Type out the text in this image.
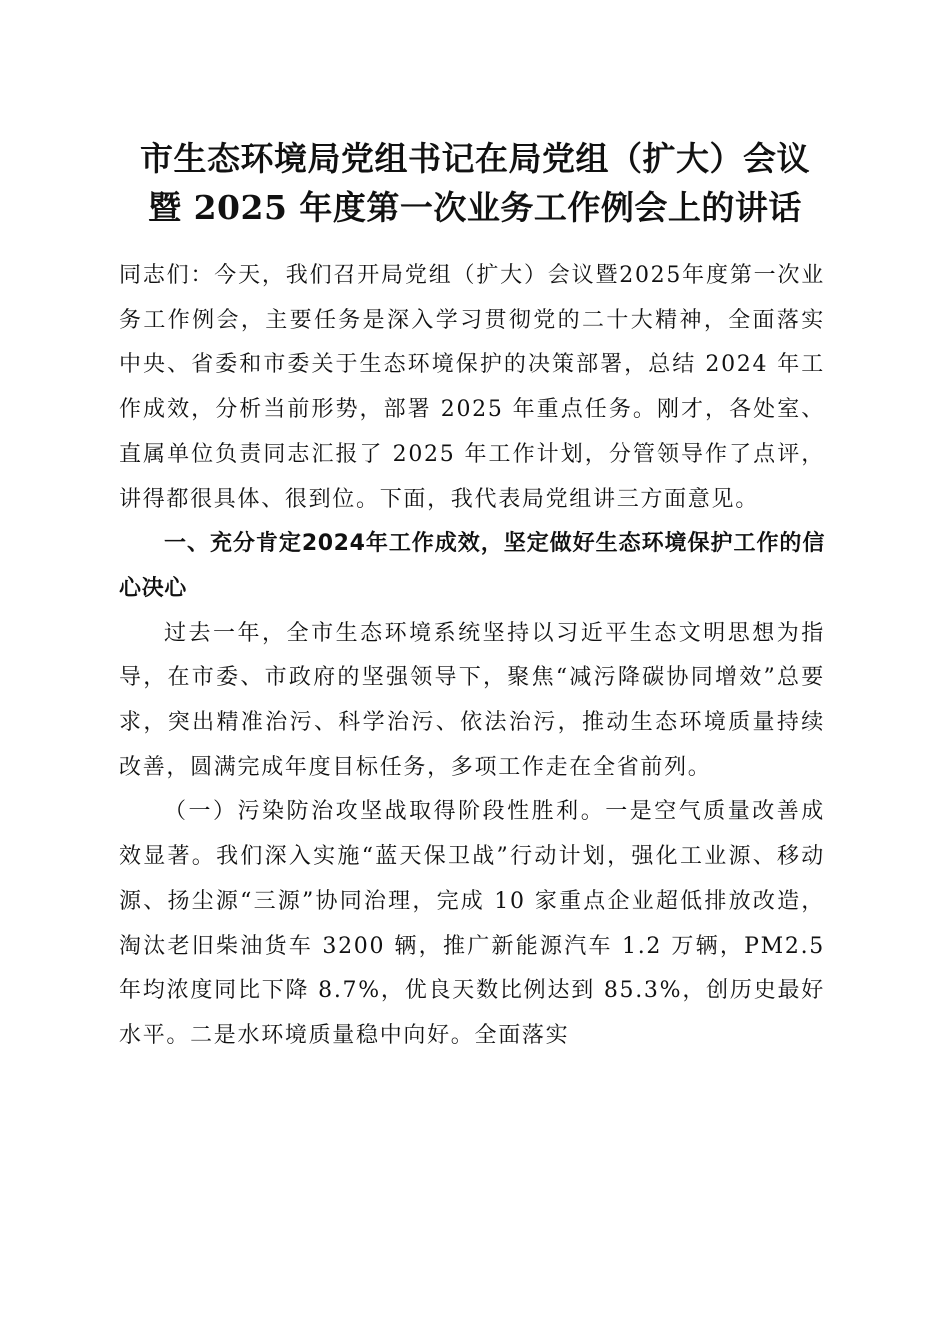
市生态环境局党组书记在局党组（扩大）会议
暨 2025 年度第一次业务工作例会上的讲话

同志们：今天，我们召开局党组（扩大）会议暨2025年度第一次业务工作例会，主要任务是深入学习贯彻党的二十大精神，全面落实中央、省委和市委关于生态环境保护的决策部署，总结 2024 年工作成效，分析当前形势，部署 2025 年重点任务。刚才，各处室、直属单位负责同志汇报了 2025 年工作计划，分管领导作了点评，讲得都很具体、很到位。下面，我代表局党组讲三方面意见。

一、充分肯定2024年工作成效，坚定做好生态环境保护工作的信心决心

过去一年，全市生态环境系统坚持以习近平生态文明思想为指导，在市委、市政府的坚强领导下，聚焦“减污降碳协同增效”总要求，突出精准治污、科学治污、依法治污，推动生态环境质量持续改善，圆满完成年度目标任务，多项工作走在全省前列。

（一）污染防治攻坚战取得阶段性胜利。一是空气质量改善成效显著。我们深入实施“蓝天保卫战”行动计划，强化工业源、移动源、扬尘源“三源”协同治理，完成 10 家重点企业超低排放改造，淘汰老旧柴油货车 3200 辆，推广新能源汽车 1.2 万辆，PM2.5 年均浓度同比下降 8.7%，优良天数比例达到 85.3%，创历史最好水平。二是水环境质量稳中向好。全面落实
